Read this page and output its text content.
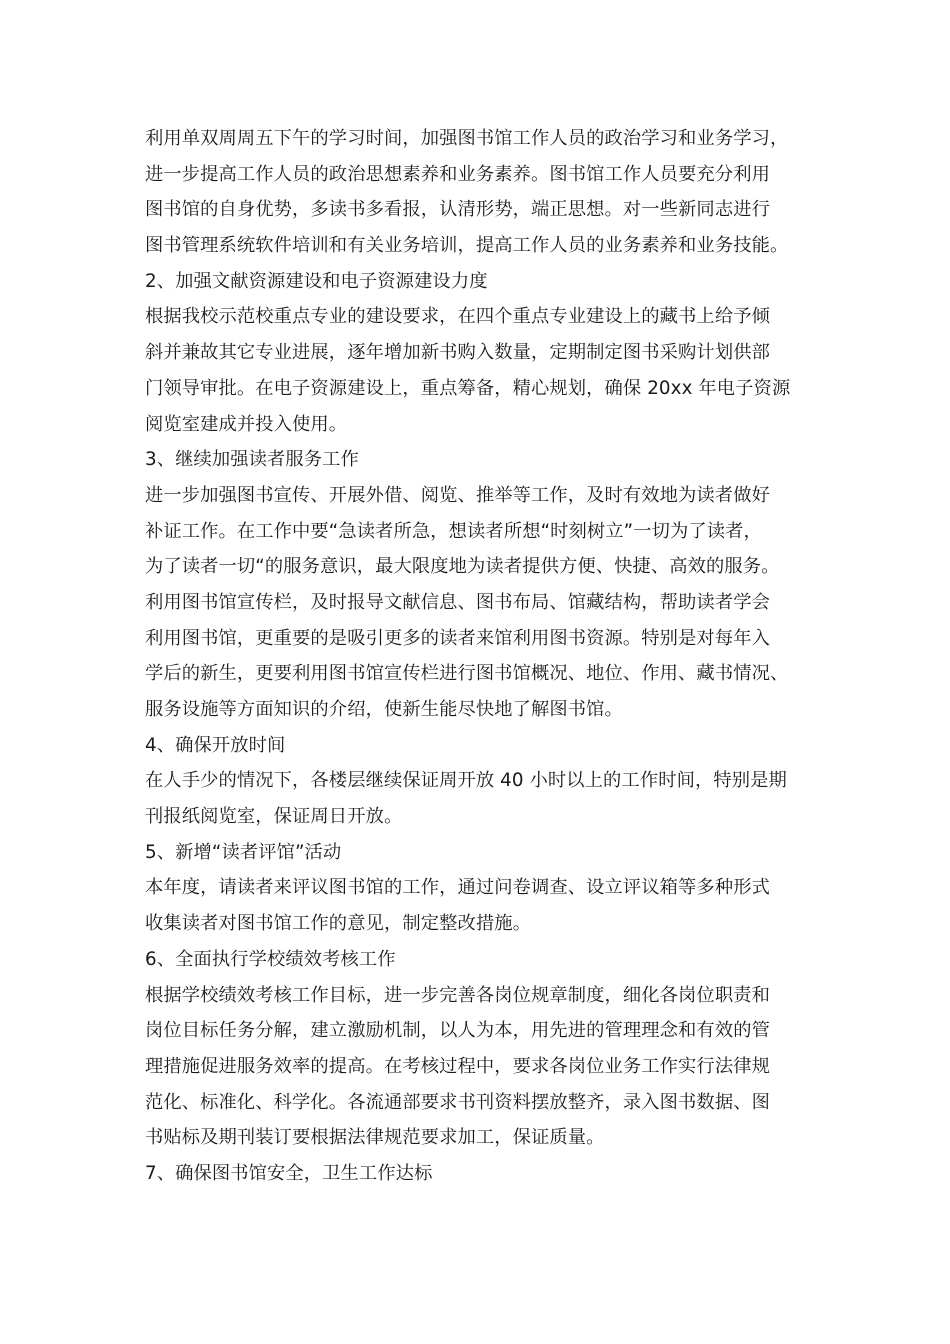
利用单双周周五下午的学习时间，加强图书馆工作人员的政治学习和业务学习，
进一步提高工作人员的政治思想素养和业务素养。图书馆工作人员要充分利用
图书馆的自身优势，多读书多看报，认清形势，端正思想。对一些新同志进行
图书管理系统软件培训和有关业务培训，提高工作人员的业务素养和业务技能。
2、加强文献资源建设和电子资源建设力度
根据我校示范校重点专业的建设要求，在四个重点专业建设上的藏书上给予倾
斜并兼故其它专业进展，逐年增加新书购入数量，定期制定图书采购计划供部
门领导审批。在电子资源建设上，重点筹备，精心规划，确保 20xx 年电子资源
阅览室建成并投入使用。
3、继续加强读者服务工作
进一步加强图书宣传、开展外借、阅览、推举等工作，及时有效地为读者做好
补证工作。在工作中要“急读者所急，想读者所想“时刻树立”一切为了读者，
为了读者一切“的服务意识，最大限度地为读者提供方便、快捷、高效的服务。
利用图书馆宣传栏，及时报导文献信息、图书布局、馆藏结构，帮助读者学会
利用图书馆，更重要的是吸引更多的读者来馆利用图书资源。特别是对每年入
学后的新生，更要利用图书馆宣传栏进行图书馆概况、地位、作用、藏书情况、
服务设施等方面知识的介绍，使新生能尽快地了解图书馆。
4、确保开放时间
在人手少的情况下，各楼层继续保证周开放 40 小时以上的工作时间，特别是期
刊报纸阅览室，保证周日开放。
5、新增“读者评馆”活动
本年度，请读者来评议图书馆的工作，通过问卷调查、设立评议箱等多种形式
收集读者对图书馆工作的意见，制定整改措施。
6、全面执行学校绩效考核工作
根据学校绩效考核工作目标，进一步完善各岗位规章制度，细化各岗位职责和
岗位目标任务分解，建立激励机制，以人为本，用先进的管理理念和有效的管
理措施促进服务效率的提高。在考核过程中，要求各岗位业务工作实行法律规
范化、标准化、科学化。各流通部要求书刊资料摆放整齐，录入图书数据、图
书贴标及期刊装订要根据法律规范要求加工，保证质量。
7、确保图书馆安全，卫生工作达标
